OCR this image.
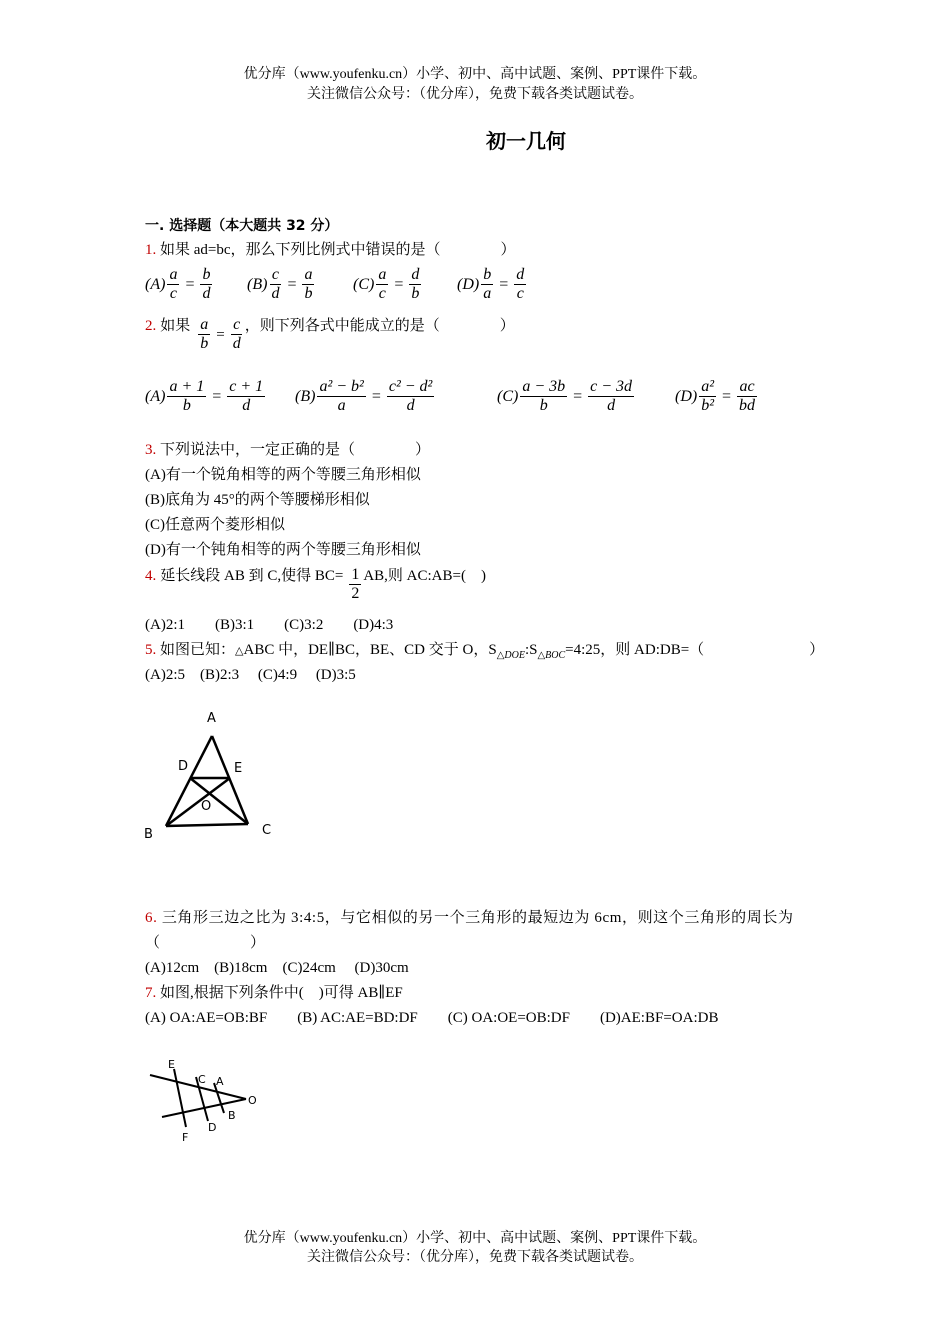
优分库（www.youfenku.cn）小学、初中、高中试题、案例、PPT课件下载。
关注微信公众号：（优分库），免费下载各类试题试卷。
初一几何
一. 选择题（本大题共 32 分）
1. 如果 ad=bc，那么下列比例式中错误的是（　　　　）
$(A) \frac{a}{c} = \frac{b}{d} (B) \frac{c}{d} = \frac{a}{b} (C) \frac{a}{c} = \frac{d}{b} (D) \frac{b}{a} = \frac{d}{c}$
2. 如果 $\frac{a}{b} = \frac{c}{d}$ ，则下列各式中能成立的是（　　　　）
$(A) \frac{a + 1}{b} = \frac{c + 1}{d} (B) \frac{\text{a² − b²}}{a} = \frac{\text{c² − d²}}{d}$	$(C) \frac{a - 3b}{b} = \frac{c - 3d}{d}$	$(D) \frac{\text{a²}}{\text{b²}} = \frac{ac}{bd}$
3. 下列说法中，一定正确的是（　　　　）
(A)有一个锐角相等的两个等腰三角形相似
(B)底角为 45°的两个等腰梯形相似
(C)任意两个菱形相似
(D)有一个钝角相等的两个等腰三角形相似
4. 延长线段 AB 到 C,使得 $BC= \frac{1}{2}$ AB,则 AC:AB=(　)
(A)2:1　　(B)3:1　　(C)3:2　　(D)4:3
5. 如图已知：△ABC 中，DE∥BC，BE、CD 交于 O，$S_{\triangle DOE}:S_{\triangle BOC}=4:25$，则 AD:DB=（　　　　　　　）
(A)2:5　(B)2:3　 (C)4:9　 (D)3:5
A
D	E
O
B	C
6. 三角形三边之比为 3:4:5，与它相似的另一个三角形的最短边为 6cm，则这个三角形的周长为
（　　　　　　）
(A)12cm　(B)18cm　(C)24cm　 (D)30cm
7. 如图,根据下列条件中(　)可得 AB∥EF
(A) OA:AE=OB:BF　　(B) AC:AE=BD:DF　　(C) OA:OE=OB:DF　　(D)AE:BF=OA:DB
E
C A
O
B
D
F
优分库（www.youfenku.cn）小学、初中、高中试题、案例、PPT课件下载。
关注微信公众号：（优分库），免费下载各类试题试卷。
